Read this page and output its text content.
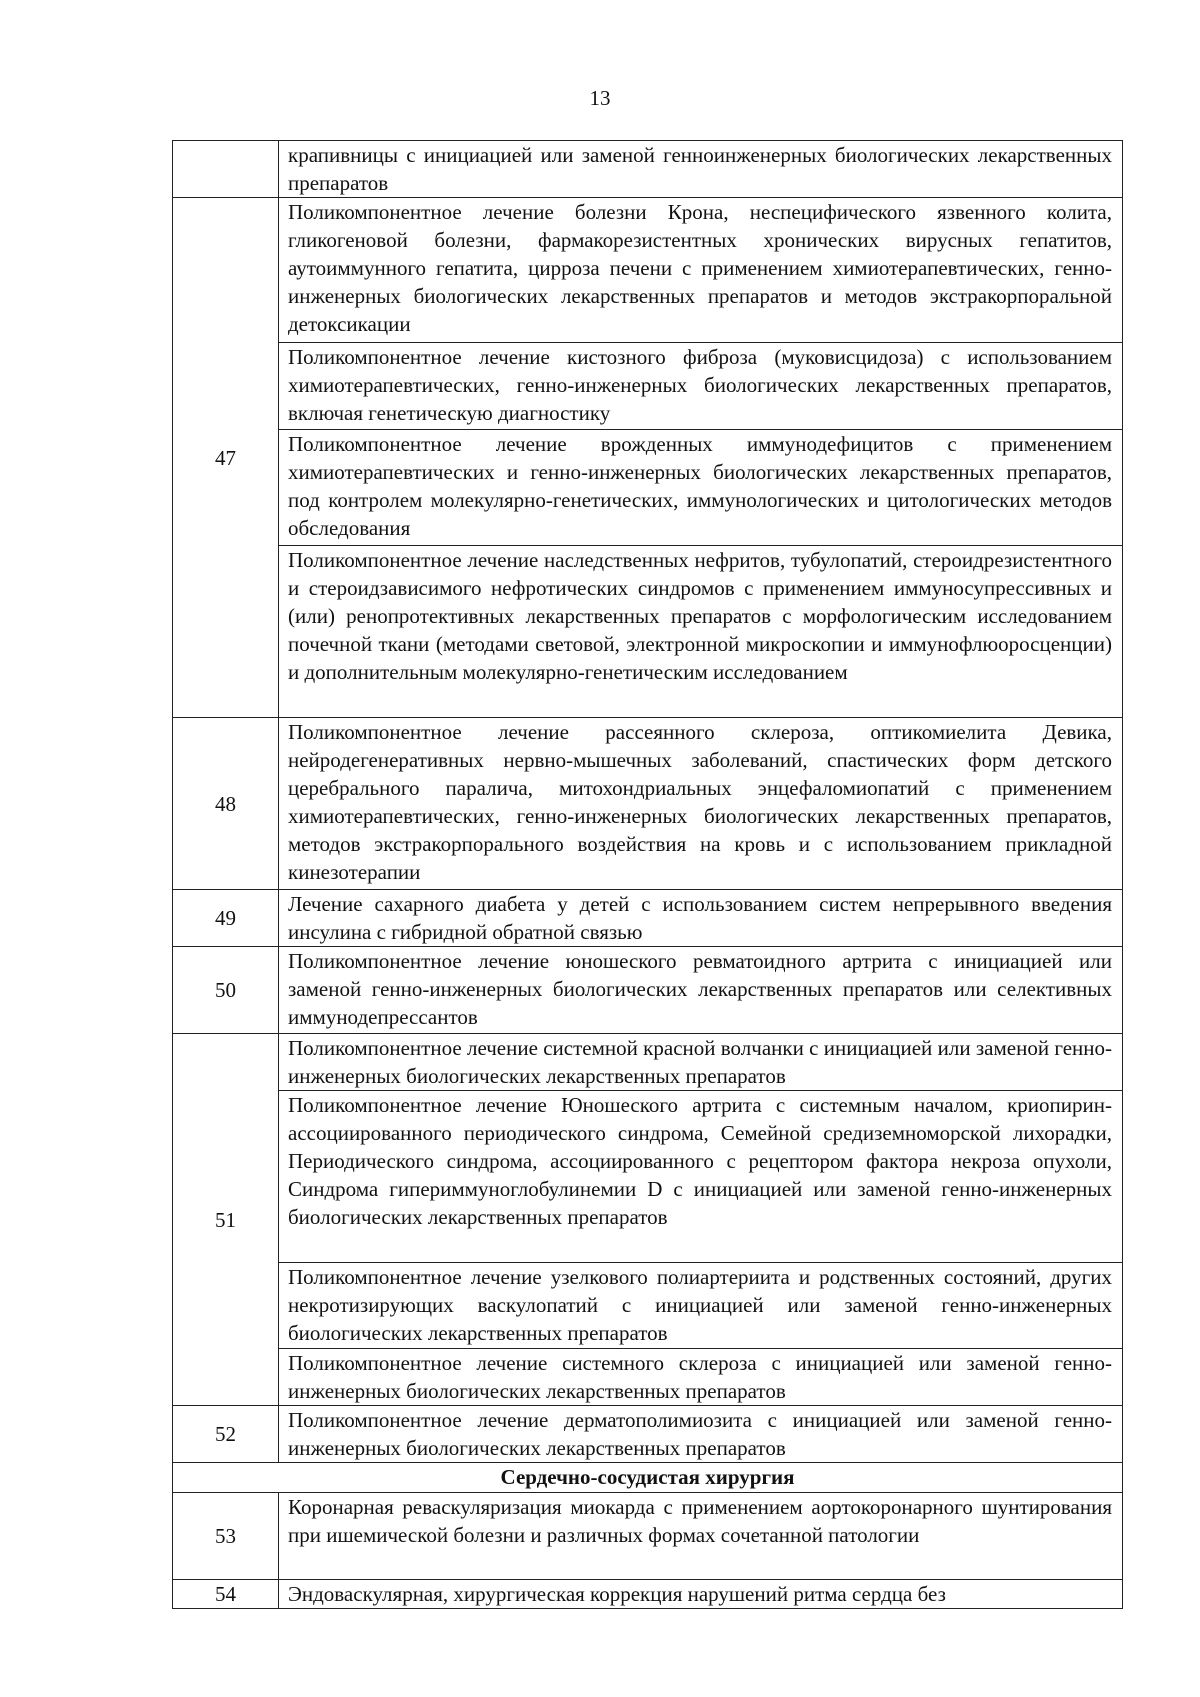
13
	крапивницы с инициацией или заменой генноинженерных биологических лекарственных препаратов
47	Поликомпонентное лечение болезни Крона, неспецифического язвенного колита, гликогеновой болезни, фармакорезистентных хронических вирусных гепатитов, аутоиммунного гепатита, цирроза печени с применением химиотерапевтических, генно-инженерных биологических лекарственных препаратов и методов экстракорпоральной детоксикации
	Поликомпонентное лечение кистозного фиброза (муковисцидоза) с использованием химиотерапевтических, генно-инженерных биологических лекарственных препаратов, включая генетическую диагностику
	Поликомпонентное лечение врожденных иммунодефицитов с применением химиотерапевтических и генно-инженерных биологических лекарственных препаратов, под контролем молекулярно-генетических, иммунологических и цитологических методов обследования
	Поликомпонентное лечение наследственных нефритов, тубулопатий, стероидрезистентного и стероидзависимого нефротических синдромов с применением иммуносупрессивных и (или) ренопротективных лекарственных препаратов с морфологическим исследованием почечной ткани (методами световой, электронной микроскопии и иммунофлюоросценции) и дополнительным молекулярно-генетическим исследованием
48	Поликомпонентное лечение рассеянного склероза, оптикомиелита Девика, нейродегенеративных нервно-мышечных заболеваний, спастических форм детского церебрального паралича, митохондриальных энцефаломиопатий с применением химиотерапевтических, генно-инженерных биологических лекарственных препаратов, методов экстракорпорального воздействия на кровь и с использованием прикладной кинезотерапии
49	Лечение сахарного диабета у детей с использованием систем непрерывного введения инсулина с гибридной обратной связью
50	Поликомпонентное лечение юношеского ревматоидного артрита с инициацией или заменой генно-инженерных биологических лекарственных препаратов или селективных иммунодепрессантов
51	Поликомпонентное лечение системной красной волчанки с инициацией или заменой генно-инженерных биологических лекарственных препаратов
	Поликомпонентное лечение Юношеского артрита с системным началом, криопирин-ассоциированного периодического синдрома, Семейной средиземноморской лихорадки, Периодического синдрома, ассоциированного с рецептором фактора некроза опухоли, Синдрома гипериммуноглобулинемии D с инициацией или заменой генно-инженерных биологических лекарственных препаратов
	Поликомпонентное лечение узелкового полиартериита и родственных состояний, других некротизирующих васкулопатий с инициацией или заменой генно-инженерных биологических лекарственных препаратов
	Поликомпонентное лечение системного склероза с инициацией или заменой генно-инженерных биологических лекарственных препаратов
52	Поликомпонентное лечение дерматополимиозита с инициацией или заменой генно-инженерных биологических лекарственных препаратов
Сердечно-сосудистая хирургия	
53	Коронарная реваскуляризация миокарда с применением аортокоронарного шунтирования при ишемической болезни и различных формах сочетанной патологии
54	Эндоваскулярная, хирургическая коррекция нарушений ритма сердца без
